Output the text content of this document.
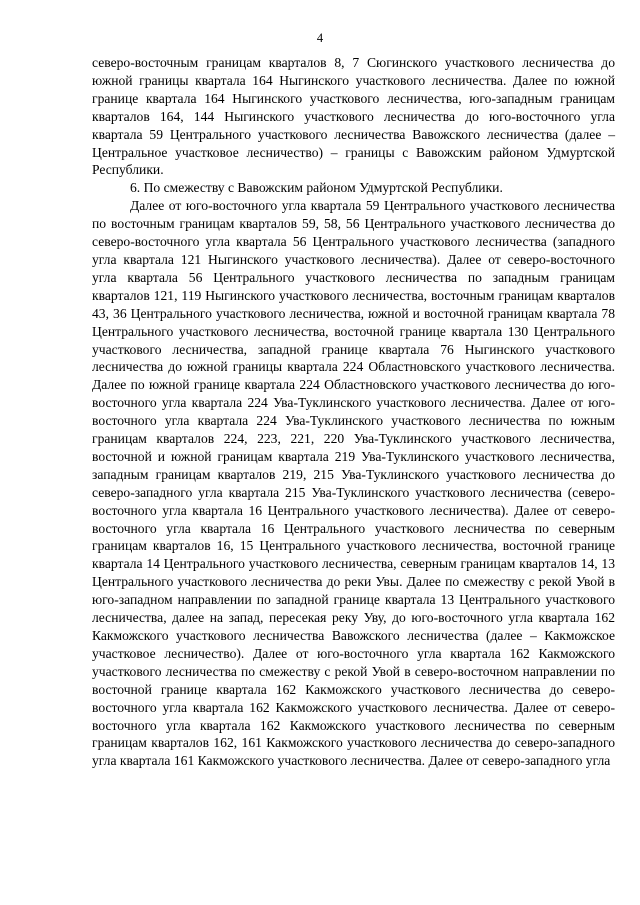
4

северо-восточным границам кварталов 8, 7 Сюгинского участкового лесничества до южной границы квартала 164 Ныгинского участкового лесничества. Далее по южной границе квартала 164 Ныгинского участкового лесничества, юго-западным границам кварталов 164, 144 Ныгинского участкового лесничества до юго-восточного угла квартала 59 Центрального участкового лесничества Вавожского лесничества (далее – Центральное участковое лесничество) – границы с Вавожским районом Удмуртской Республики.

6. По смежеству с Вавожским районом Удмуртской Республики.

Далее от юго-восточного угла квартала 59 Центрального участкового лесничества по восточным границам кварталов 59, 58, 56 Центрального участкового лесничества до северо-восточного угла квартала 56 Центрального участкового лесничества (западного угла квартала 121 Ныгинского участкового лесничества). Далее от северо-восточного угла квартала 56 Центрального участкового лесничества по западным границам кварталов 121, 119 Ныгинского участкового лесничества, восточным границам кварталов 43, 36 Центрального участкового лесничества, южной и восточной границам квартала 78 Центрального участкового лесничества, восточной границе квартала 130 Центрального участкового лесничества, западной границе квартала 76 Ныгинского участкового лесничества до южной границы квартала 224 Областновского участкового лесничества. Далее по южной границе квартала 224 Областновского участкового лесничества до юго-восточного угла квартала 224 Ува-Туклинского участкового лесничества. Далее от юго-восточного угла квартала 224 Ува-Туклинского участкового лесничества по южным границам кварталов 224, 223, 221, 220 Ува-Туклинского участкового лесничества, восточной и южной границам квартала 219 Ува-Туклинского участкового лесничества, западным границам кварталов 219, 215 Ува-Туклинского участкового лесничества до северо-западного угла квартала 215 Ува-Туклинского участкового лесничества (северо-восточного угла квартала 16 Центрального участкового лесничества). Далее от северо-восточного угла квартала 16 Центрального участкового лесничества по северным границам кварталов 16, 15 Центрального участкового лесничества, восточной границе квартала 14 Центрального участкового лесничества, северным границам кварталов 14, 13 Центрального участкового лесничества до реки Увы. Далее по смежеству с рекой Увой в юго-западном направлении по западной границе квартала 13 Центрального участкового лесничества, далее на запад, пересекая реку Уву, до юго-восточного угла квартала 162 Какможского участкового лесничества Вавожского лесничества (далее – Какможское участковое лесничество). Далее от юго-восточного угла квартала 162 Какможского участкового лесничества по смежеству с рекой Увой в северо-восточном направлении по восточной границе квартала 162 Какможского участкового лесничества до северо-восточного угла квартала 162 Какможского участкового лесничества. Далее от северо-восточного угла квартала 162 Какможского участкового лесничества по северным границам кварталов 162, 161 Какможского участкового лесничества до северо-западного угла квартала 161 Какможского участкового лесничества. Далее от северо-западного угла
